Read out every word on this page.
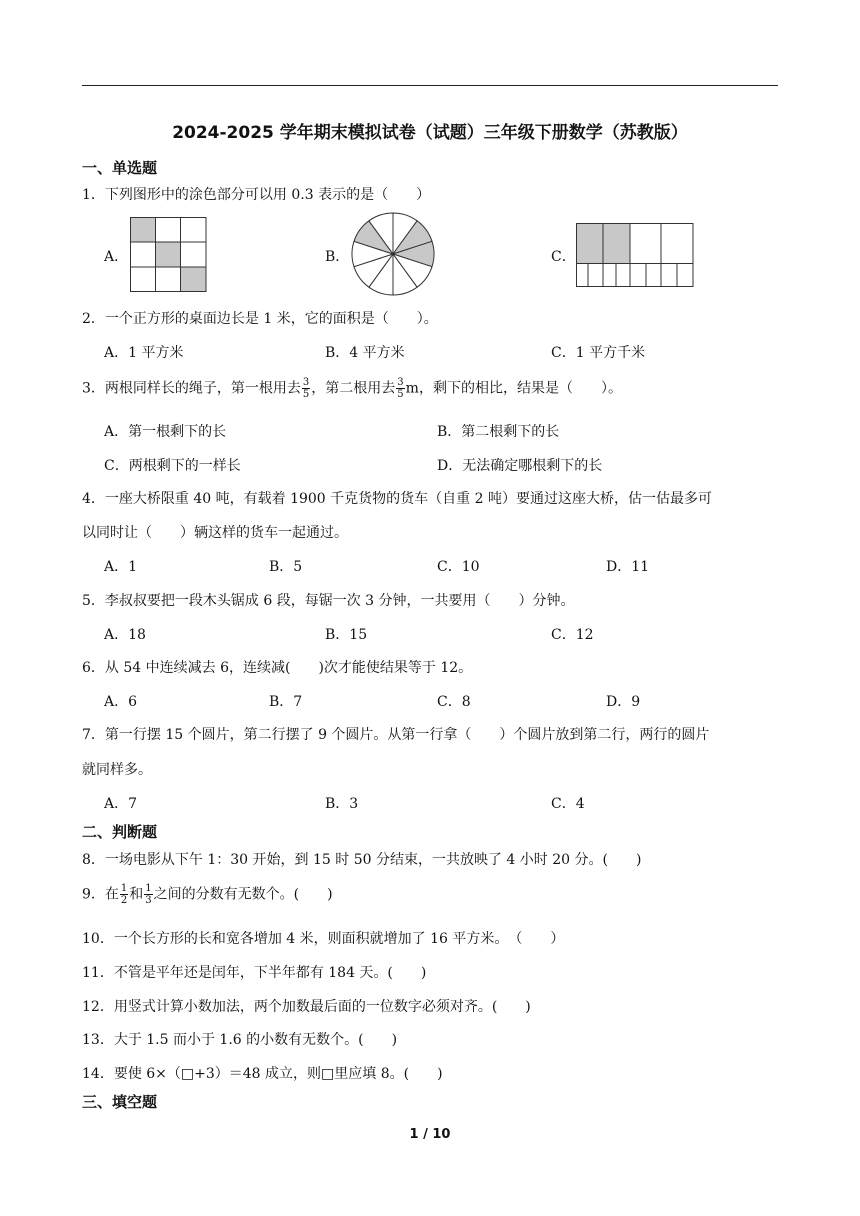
2024-2025 学年期末模拟试卷（试题）三年级下册数学（苏教版）
一、单选题
1．下列图形中的涂色部分可以用 0.3 表示的是（　　）
A．	B．	C．
2．一个正方形的桌面边长是 1 米，它的面积是（　　）。
A．1 平方米	B．4 平方米	C．1 平方千米
3．两根同样长的绳子，第一根用去 $\frac{3}{5}$ ，第二根用去 $\frac{3}{5}$ m，剩下的相比，结果是（　　）。
A．第一根剩下的长	B．第二根剩下的长
C．两根剩下的一样长	D．无法确定哪根剩下的长
4．一座大桥限重 40 吨，有载着 1900 千克货物的货车（自重 2 吨）要通过这座大桥，估一估最多可
以同时让（　　）辆这样的货车一起通过。
A．1	B．5	C．10	D．11
5．李叔叔要把一段木头锯成 6 段，每锯一次 3 分钟，一共要用（　　）分钟。
A．18	B．15	C．12
6．从 54 中连续减去 6，连续减(　　)次才能使结果等于 12。
A．6	B．7	C．8	D．9
7．第一行摆 15 个圆片，第二行摆了 9 个圆片。从第一行拿（　　）个圆片放到第二行，两行的圆片
就同样多。
A．7	B．3	C．4
二、判断题
8．一场电影从下午 1：30 开始，到 15 时 50 分结束，一共放映了 4 小时 20 分。(　　)
9．在 $\frac{1}{2}$ 和 $\frac{1}{3}$ 之间的分数有无数个。(　　)
10．一个长方形的长和宽各增加 4 米，则面积就增加了 16 平方米。　（　　）
11．不管是平年还是闰年，下半年都有 184 天。(　　)
12．用竖式计算小数加法，两个加数最后面的一位数字必须对齐。(　　)
13．大于 1.5 而小于 1.6 的小数有无数个。(　　)
14．要使 6×（□+3）＝48 成立，则□里应填 8。(　　)
三、填空题
1 / 10
